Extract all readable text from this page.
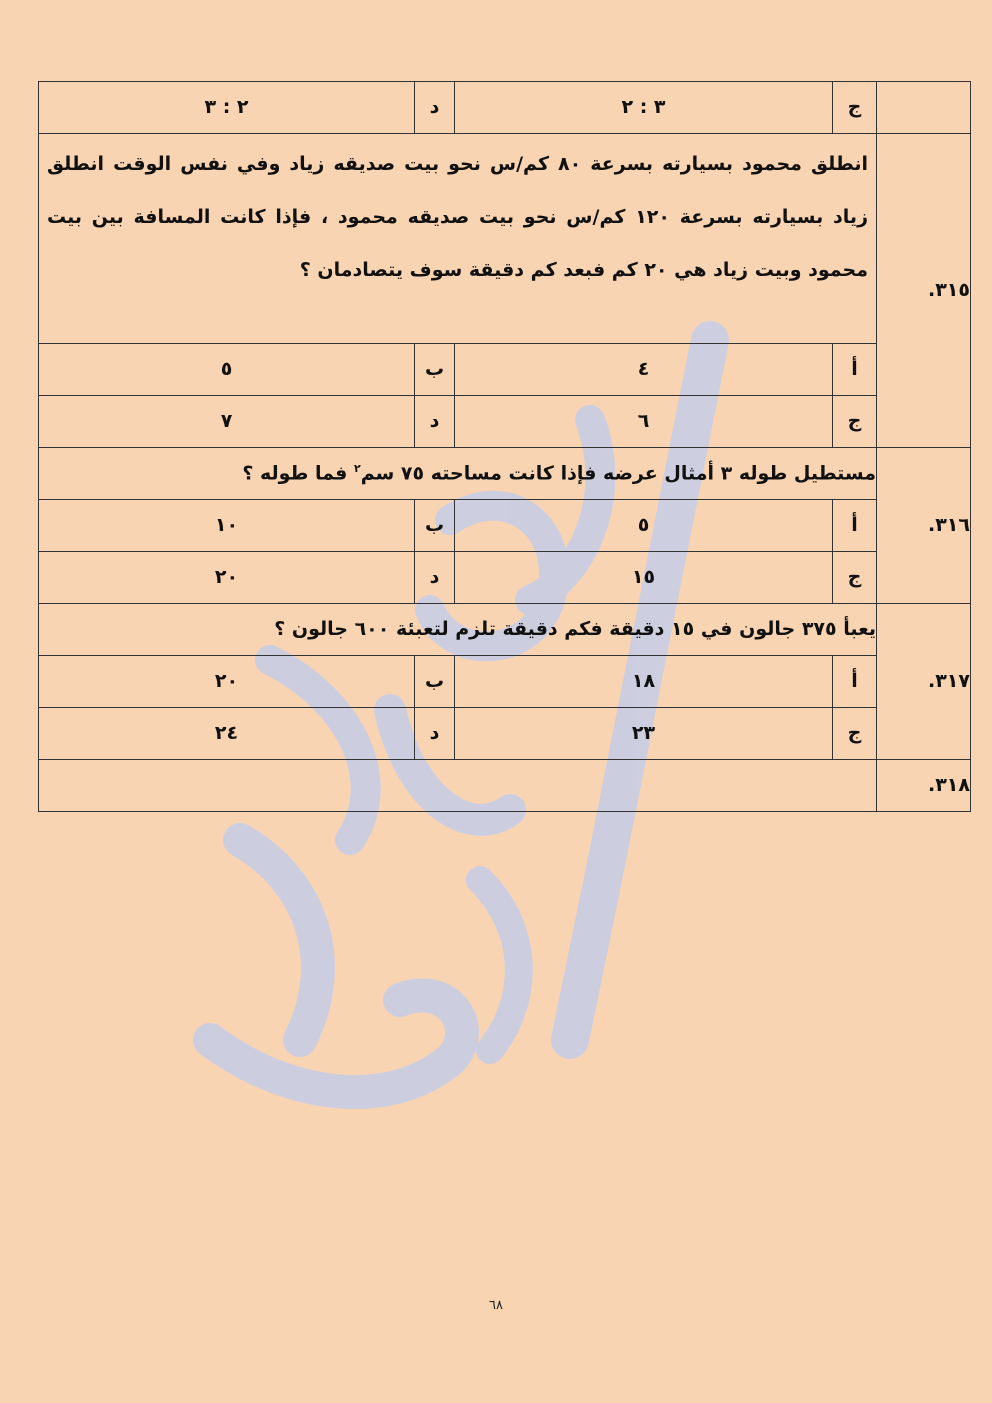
	ج	٣ : ٢	د	٢ : ٣
٣١٥.	انطلق محمود بسيارته بسرعة ٨٠ كم/س نحو بيت صديقه زياد وفي نفس الوقت انطلق زياد بسيارته بسرعة ١٢٠ كم/س نحو بيت صديقه محمود ، فإذا كانت المسافة بين بيت محمود وبيت زياد هي ٢٠ كم فبعد كم دقيقة سوف يتصادمان ؟			
	أ	٤	ب	٥
	ج	٦	د	٧
٣١٦.	مستطيل طوله ٣ أمثال عرضه فإذا كانت مساحته ٧٥ سم$^٢$ فما طوله ؟			
	أ	٥	ب	١٠
	ج	١٥	د	٢٠
٣١٧.	يعبأ ٣٧٥ جالون في ١٥ دقيقة فكم دقيقة تلزم لتعبئة ٦٠٠ جالون ؟			
	أ	١٨	ب	٢٠
	ج	٢٣	د	٢٤
٣١٨.				
٦٨
